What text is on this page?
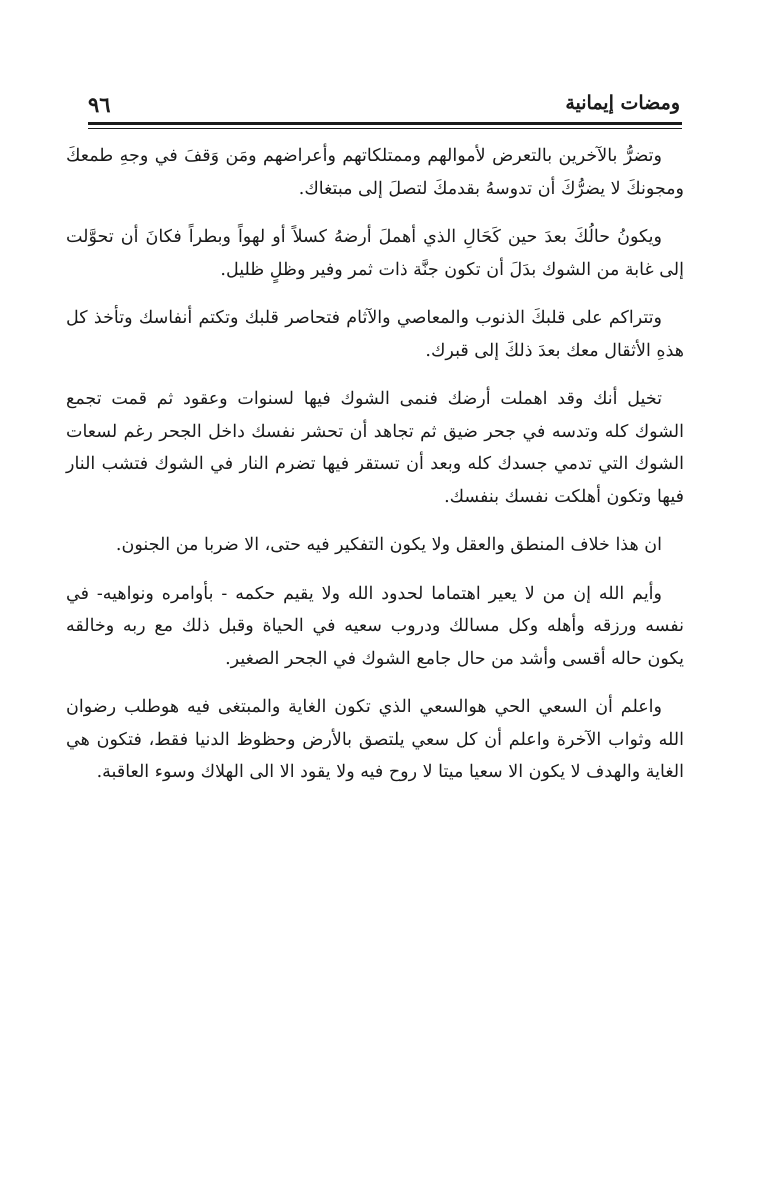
٩٦	ومضات إيمانية

وتضرُّ بالآخرين بالتعرض لأموالهم وممتلكاتهم وأعراضهم ومَن وَقفَ في وجهِ طمعكَ ومجونكَ لا يضرُّكَ أن تدوسهُ بقدمكَ لتصلَ إلى مبتغاك.

ويكونُ حالُكَ بعدَ حين كَحَالِ الذي أهملَ أرضهُ كسلاً أو لهواً وبطراً فكانَ أن تحوَّلت إلى غابة من الشوك بدَلَ أن تكون جنَّة ذات ثمر وفير وظلٍ ظليل.

وتتراكم على قلبكَ الذنوب والمعاصي والآثام فتحاصر قلبك وتكتم أنفاسك وتأخذ كل هذهِ الأثقال معك بعدَ ذلكَ إلى قبرك.

تخيل أنك وقد اهملت أرضك فنمى الشوك فيها لسنوات وعقود ثم قمت تجمع الشوك كله وتدسه في جحر ضيق ثم تجاهد أن تحشر نفسك داخل الجحر رغم لسعات الشوك التي تدمي جسدك كله وبعد أن تستقر فيها تضرم النار في الشوك فتشب النار فيها وتكون أهلكت نفسك بنفسك.

ان هذا خلاف المنطق والعقل ولا يكون التفكير فيه حتى، الا ضربا من الجنون.

وأيم الله إن من لا يعير اهتماما لحدود الله ولا يقيم حكمه - بأوامره ونواهيه- في نفسه ورزقه وأهله وكل مسالك ودروب سعيه في الحياة وقبل ذلك مع ربه وخالقه يكون حاله أقسى وأشد من حال جامع الشوك في الجحر الصغير.

واعلم أن السعي الحي هوالسعي الذي تكون الغاية والمبتغى فيه هوطلب رضوان الله وثواب الآخرة واعلم أن كل سعي يلتصق بالأرض وحظوظ الدنيا فقط، فتكون هي الغاية والهدف لا يكون الا سعيا ميتا لا روح فيه ولا يقود الا الى الهلاك وسوء العاقبة.
